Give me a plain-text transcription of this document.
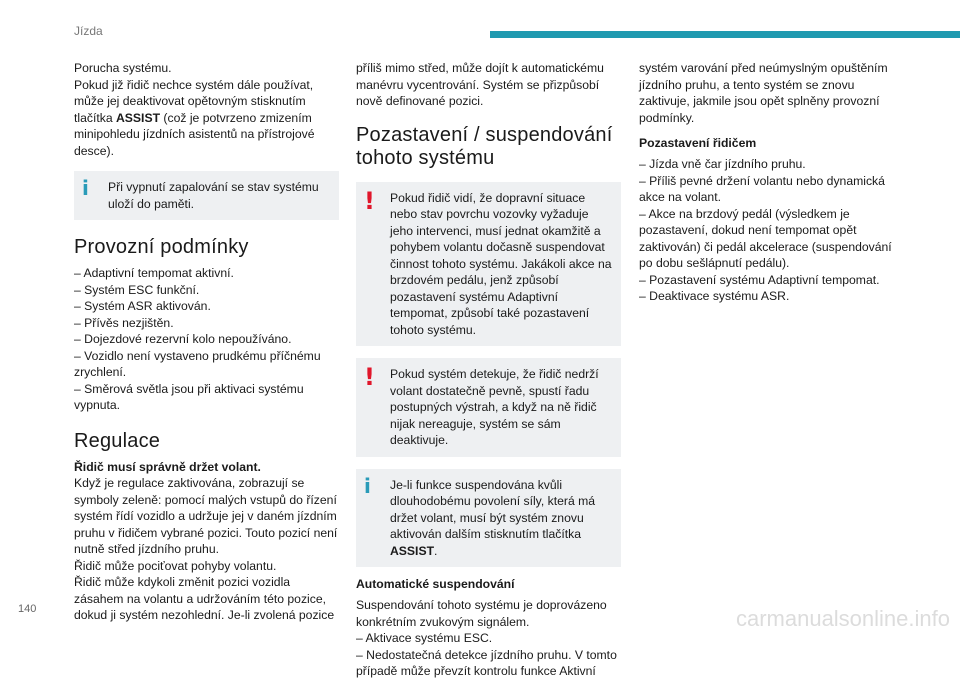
Jízda

Porucha systému.

Pokud již řidič nechce systém dále používat, může jej deaktivovat opětovným stisknutím tlačítka ASSIST (což je potvrzeno zmizením minipohledu jízdních asistentů na přístrojové desce).

i	Při vypnutí zapalování se stav systému uloží do paměti.

Provozní podmínky

– Adaptivní tempomat aktivní.

– Systém ESC funkční.

– Systém ASR aktivován.

– Přívěs nezjištěn.

– Dojezdové rezervní kolo nepoužíváno.

– Vozidlo není vystaveno prudkému příčnému zrychlení.

– Směrová světla jsou při aktivaci systému vypnuta.

Regulace

Řidič musí správně držet volant.

Když je regulace zaktivována, zobrazují se symboly zeleně: pomocí malých vstupů do řízení systém řídí vozidlo a udržuje jej v daném jízdním pruhu v řidičem vybrané pozici. Touto pozicí není nutně střed jízdního pruhu.

Řidič může pociťovat pohyby volantu.

Řidič může kdykoli změnit pozici vozidla zásahem na volantu a udržováním této pozice, dokud ji systém nezohlední. Je-li zvolená pozice

příliš mimo střed, může dojít k automatickému manévru vycentrování. Systém se přizpůsobí nově definované pozici.

Pozastavení / suspendování tohoto systému
!	Pokud řidič vidí, že dopravní situace nebo stav povrchu vozovky vyžaduje jeho intervenci, musí jednat okamžitě a pohybem volantu dočasně suspendovat činnost tohoto systému. Jakákoli akce na brzdovém pedálu, jenž způsobí pozastavení systému Adaptivní tempomat, způsobí také pozastavení tohoto systému.

!	Pokud systém detekuje, že řidič nedrží volant dostatečně pevně, spustí řadu postupných výstrah, a když na ně řidič nijak nereaguje, systém se sám deaktivuje.

i	Je-li funkce suspendována kvůli dlouhodobému povolení síly, která má držet volant, musí být systém znovu aktivován dalším stisknutím tlačítka ASSIST.

Automatické suspendování

Suspendování tohoto systému je doprovázeno konkrétním zvukovým signálem.

– Aktivace systému ESC.

– Nedostatečná detekce jízdního pruhu. V tomto případě může převzít kontrolu funkce Aktivní

systém varování před neúmyslným opuštěním jízdního pruhu, a tento systém se znovu zaktivuje, jakmile jsou opět splněny provozní podmínky.

Pozastavení řidičem

– Jízda vně čar jízdního pruhu.

– Příliš pevné držení volantu nebo dynamická akce na volant.

– Akce na brzdový pedál (výsledkem je pozastavení, dokud není tempomat opět zaktivován) či pedál akcelerace (suspendování po dobu sešlápnutí pedálu).

– Pozastavení systému Adaptivní tempomat.

– Deaktivace systému ASR.

140	carmanualsonline.info
